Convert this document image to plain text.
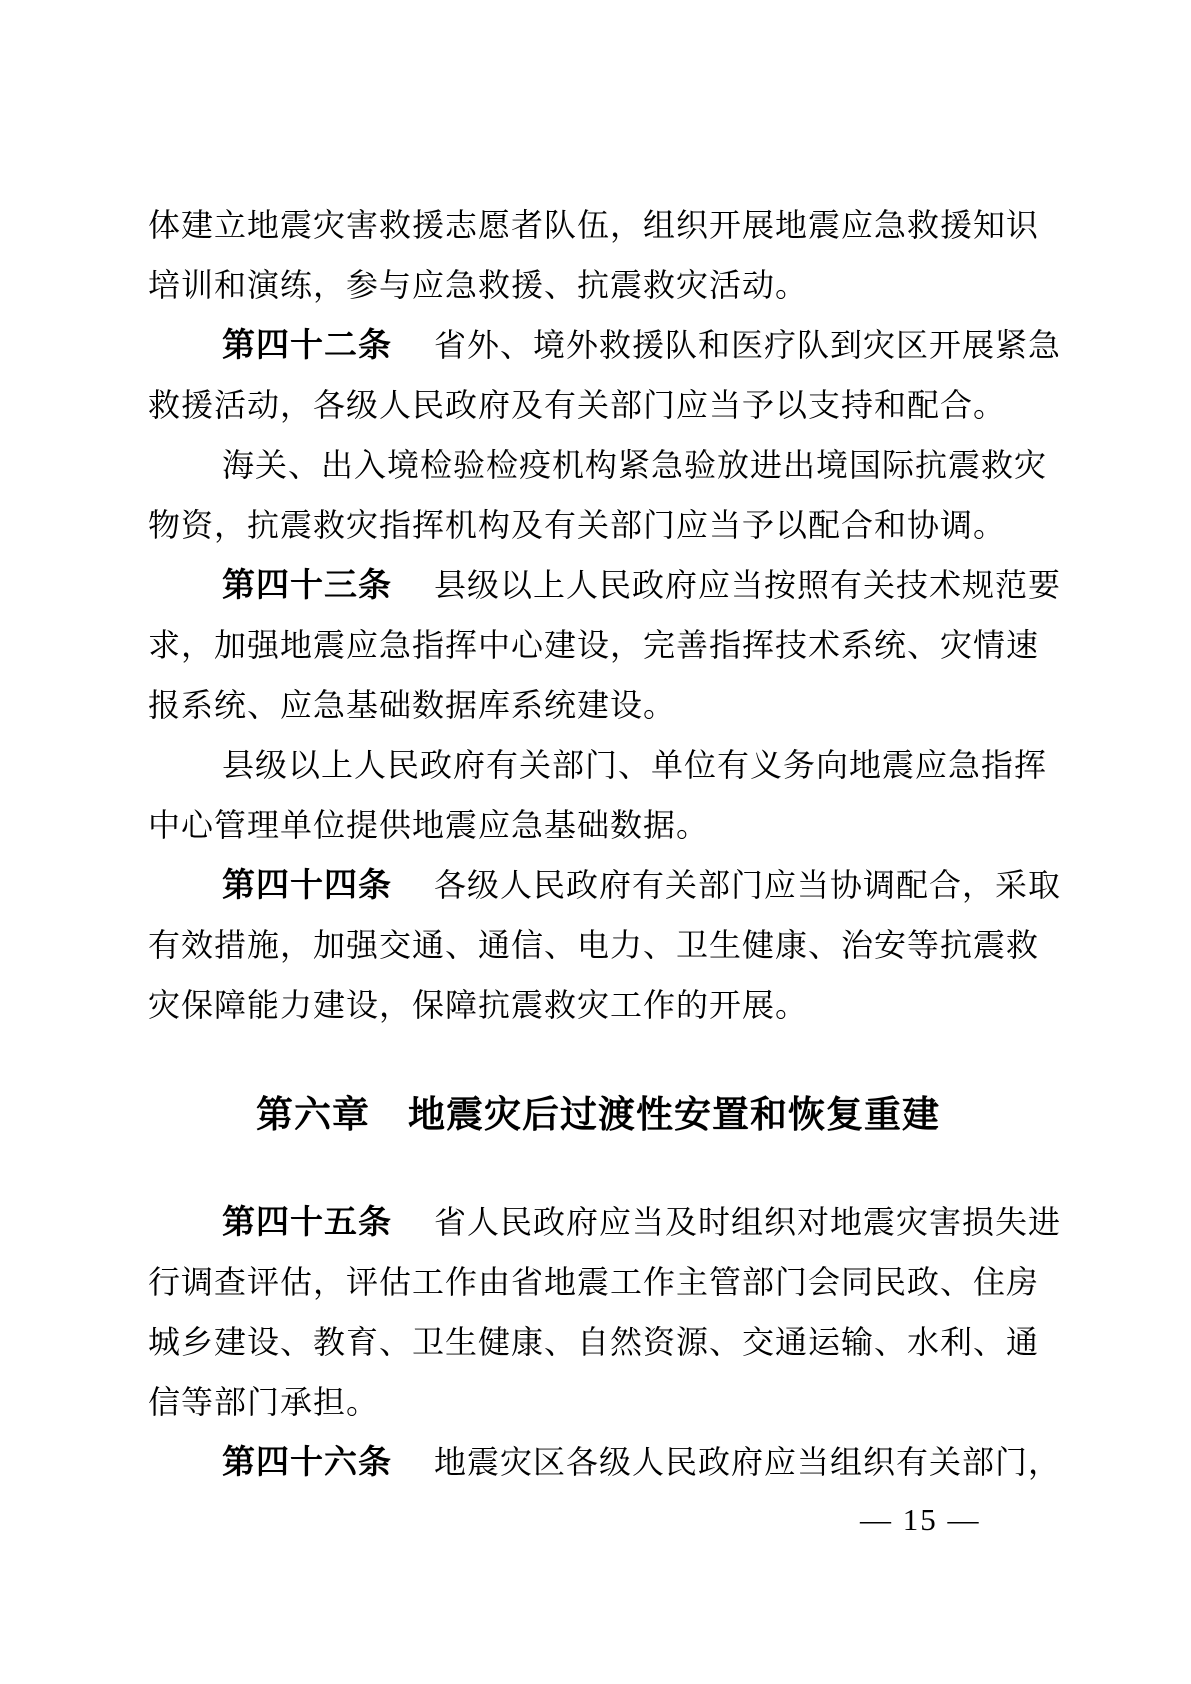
体建立地震灾害救援志愿者队伍，组织开展地震应急救援知识
培训和演练，参与应急救援、抗震救灾活动。
第四十二条 省外、境外救援队和医疗队到灾区开展紧急
救援活动，各级人民政府及有关部门应当予以支持和配合。
海关、出入境检验检疫机构紧急验放进出境国际抗震救灾
物资，抗震救灾指挥机构及有关部门应当予以配合和协调。
第四十三条 县级以上人民政府应当按照有关技术规范要
求，加强地震应急指挥中心建设，完善指挥技术系统、灾情速
报系统、应急基础数据库系统建设。
县级以上人民政府有关部门、单位有义务向地震应急指挥
中心管理单位提供地震应急基础数据。
第四十四条 各级人民政府有关部门应当协调配合，采取
有效措施，加强交通、通信、电力、卫生健康、治安等抗震救
灾保障能力建设，保障抗震救灾工作的开展。
第六章　地震灾后过渡性安置和恢复重建
第四十五条 省人民政府应当及时组织对地震灾害损失进
行调查评估，评估工作由省地震工作主管部门会同民政、住房
城乡建设、教育、卫生健康、自然资源、交通运输、水利、通
信等部门承担。
第四十六条 地震灾区各级人民政府应当组织有关部门，
— 15 —
